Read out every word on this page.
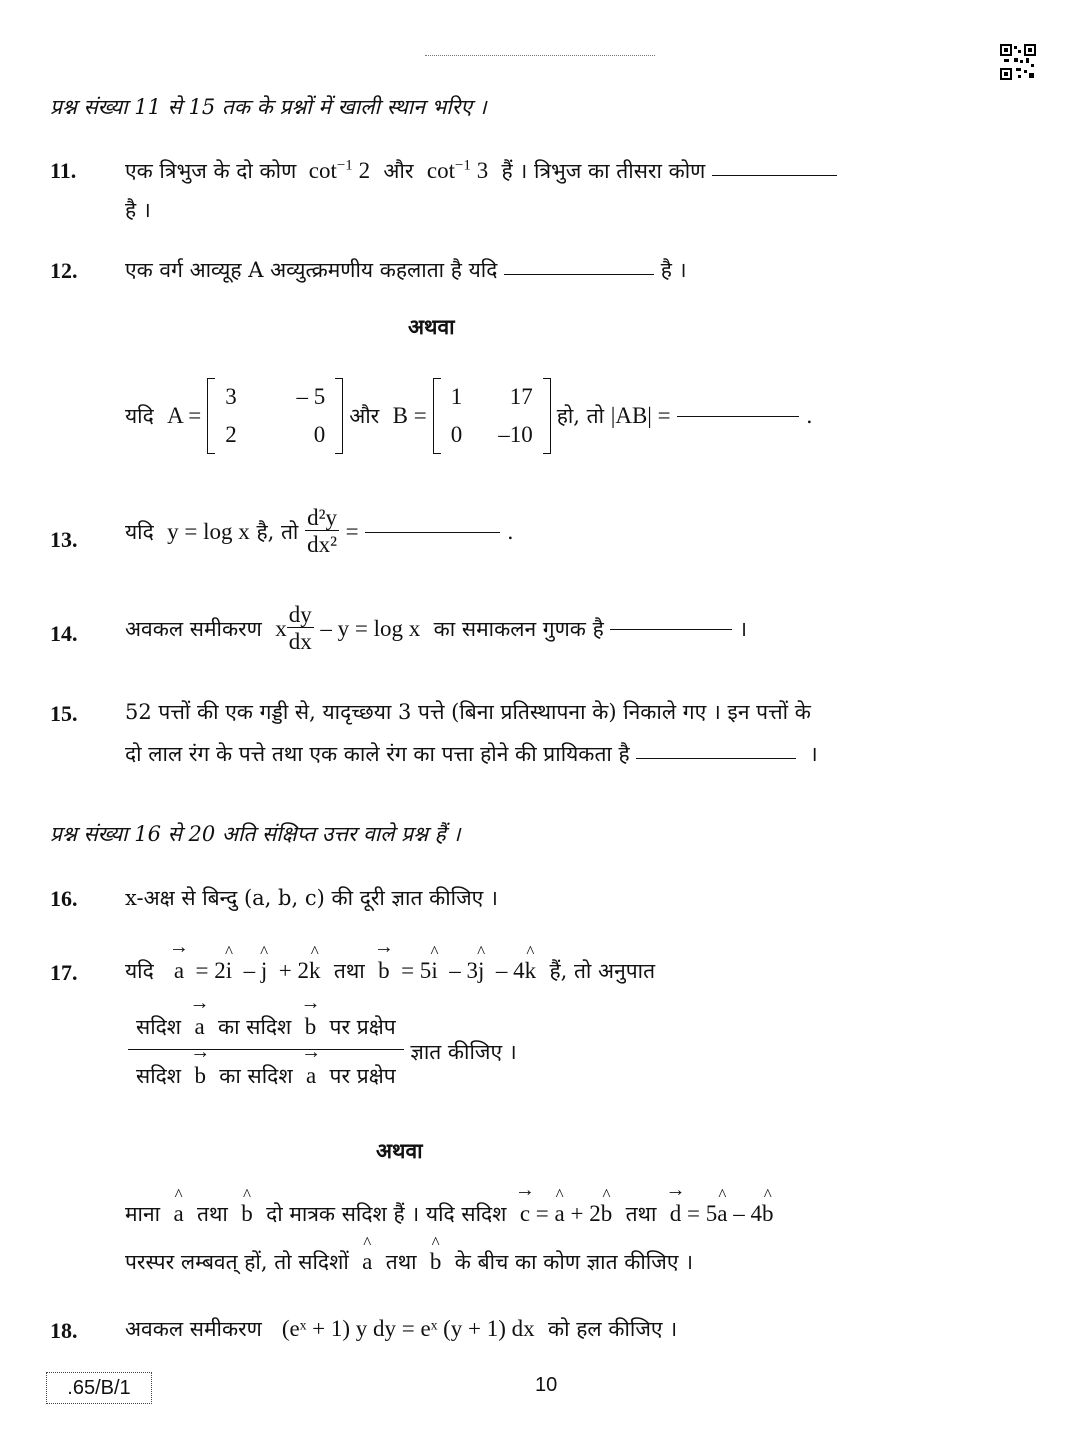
प्रश्न संख्या 11 से 15 तक के प्रश्नों में खाली स्थान भरिए ।
11. एक त्रिभुज के दो कोण $\cot^{-1} 2$ और $\cot^{-1} 3$ हैं । त्रिभुज का तीसरा कोण
है ।
12. एक वर्ग आव्यूह A अव्युत्क्रमणीय कहलाता है यदि	है ।
अथवा
यदि
A =
3	– 5
2	0
और
B =
1	17
0	–10
हो, तो
|AB| =

	.
13. यदि
y = log x
है, तो
$\frac{\text{d²y}}{\text{dx²}}$
=

	.
14. अवकल समीकरण
x $\frac{dy}{dx}$
– y = log x
का समाकलन गुणक है

	।
15. 52 पत्तों की एक गड्डी से, यादृच्छया 3 पत्ते (बिना प्रतिस्थापना के) निकाले गए । इन पत्तों के
दो लाल रंग के पत्ते तथा एक काले रंग का पत्ता होने की प्रायिकता है	।
प्रश्न संख्या 16 से 20 अति संक्षिप्त उत्तर वाले प्रश्न हैं ।
16. x-अक्ष से बिन्दु (a, b, c) की दूरी ज्ञात कीजिए ।
17. यदि → a = 2^ i – ^ j + 2^ k तथा → b = 5^ i – 3^ j – 4^ k हैं, तो अनुपात
सदिश → a का सदिश → b पर प्रक्षेप
सदिश → b का सदिश → a पर प्रक्षेप

ज्ञात कीजिए ।
अथवा
माना ^ a तथा ^ b दो मात्रक सदिश हैं । यदि सदिश → c = ^ a + 2^ b तथा → d = 5^ a – 4^ b
परस्पर लम्बवत् हों, तो सदिशों ^ a तथा ^ b के बीच का कोण ज्ञात कीजिए ।
18. अवकल समीकरण (eˣ + 1) y dy = eˣ (y + 1) dx को हल कीजिए ।
.65/B/1	10
